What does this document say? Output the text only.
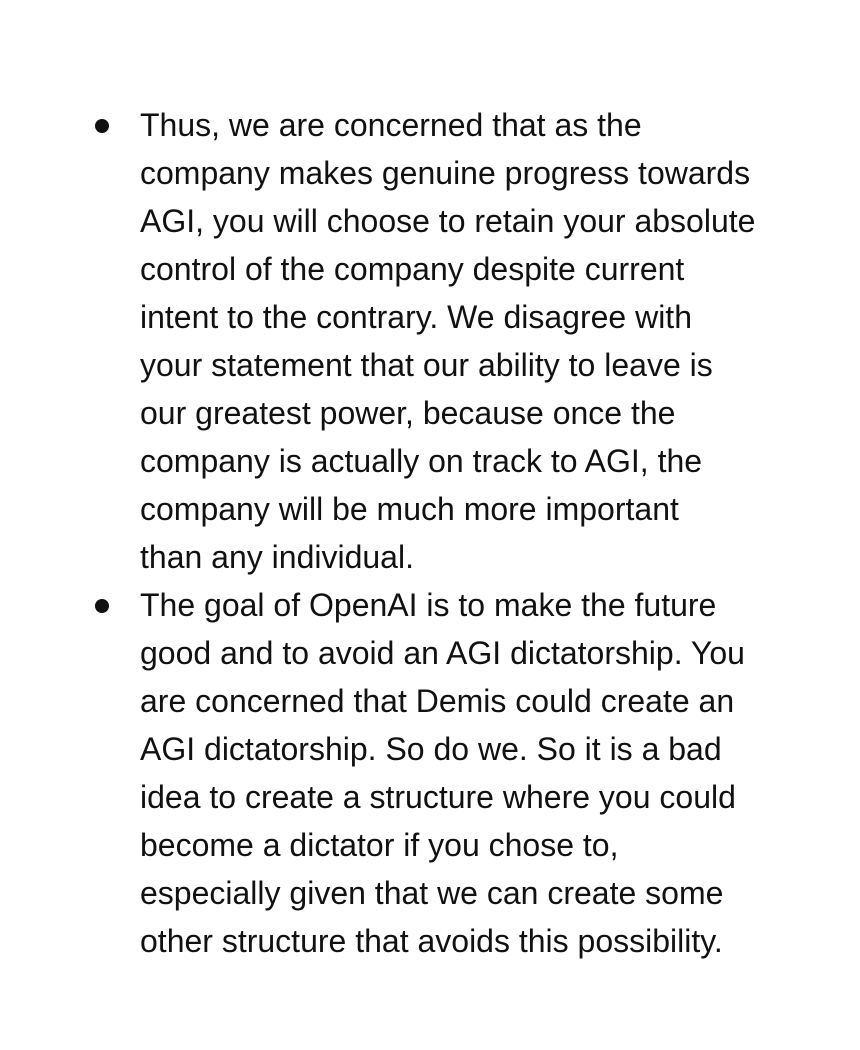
Thus, we are concerned that as the
company makes genuine progress towards
AGI, you will choose to retain your absolute
control of the company despite current
intent to the contrary. We disagree with
your statement that our ability to leave is
our greatest power, because once the
company is actually on track to AGI, the
company will be much more important
than any individual.
The goal of OpenAI is to make the future
good and to avoid an AGI dictatorship. You
are concerned that Demis could create an
AGI dictatorship. So do we. So it is a bad
idea to create a structure where you could
become a dictator if you chose to,
especially given that we can create some
other structure that avoids this possibility.
